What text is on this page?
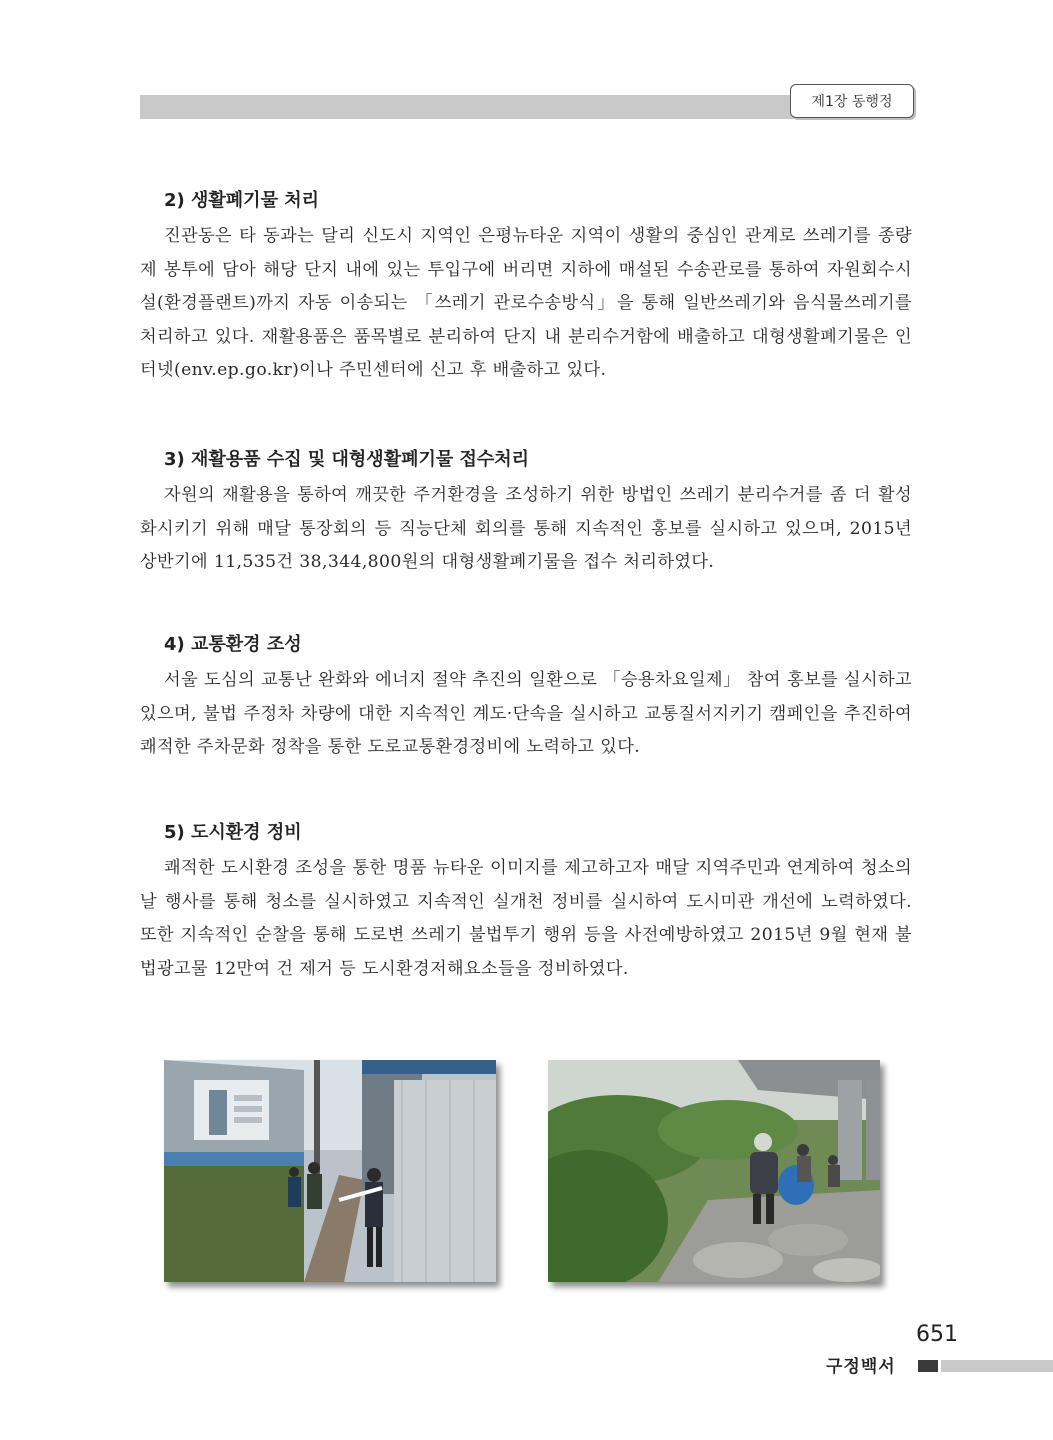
제1장 동행정
2) 생활폐기물 처리

진관동은 타 동과는 달리 신도시 지역인 은평뉴타운 지역이 생활의 중심인 관계로 쓰레기를 종량제 봉투에 담아 해당 단지 내에 있는 투입구에 버리면 지하에 매설된 수송관로를 통하여 자원회수시설(환경플랜트)까지 자동 이송되는 「쓰레기 관로수송방식」을 통해 일반쓰레기와 음식물쓰레기를 처리하고 있다. 재활용품은 품목별로 분리하여 단지 내 분리수거함에 배출하고 대형생활폐기물은 인터넷(env.ep.go.kr)이나 주민센터에 신고 후 배출하고 있다.

3) 재활용품 수집 및 대형생활폐기물 접수처리

자원의 재활용을 통하여 깨끗한 주거환경을 조성하기 위한 방법인 쓰레기 분리수거를 좀 더 활성화시키기 위해 매달 통장회의 등 직능단체 회의를 통해 지속적인 홍보를 실시하고 있으며, 2015년 상반기에 11,535건 38,344,800원의 대형생활폐기물을 접수 처리하였다.

4) 교통환경 조성

서울 도심의 교통난 완화와 에너지 절약 추진의 일환으로 「승용차요일제」 참여 홍보를 실시하고 있으며, 불법 주정차 차량에 대한 지속적인 계도·단속을 실시하고 교통질서지키기 캠페인을 추진하여 쾌적한 주차문화 정착을 통한 도로교통환경정비에 노력하고 있다.

5) 도시환경 정비

쾌적한 도시환경 조성을 통한 명품 뉴타운 이미지를 제고하고자 매달 지역주민과 연계하여 청소의 날 행사를 통해 청소를 실시하였고 지속적인 실개천 정비를 실시하여 도시미관 개선에 노력하였다. 또한 지속적인 순찰을 통해 도로변 쓰레기 불법투기 행위 등을 사전예방하였고 2015년 9월 현재 불법광고물 12만여 건 제거 등 도시환경저해요소들을 정비하였다.

651
구정백서
